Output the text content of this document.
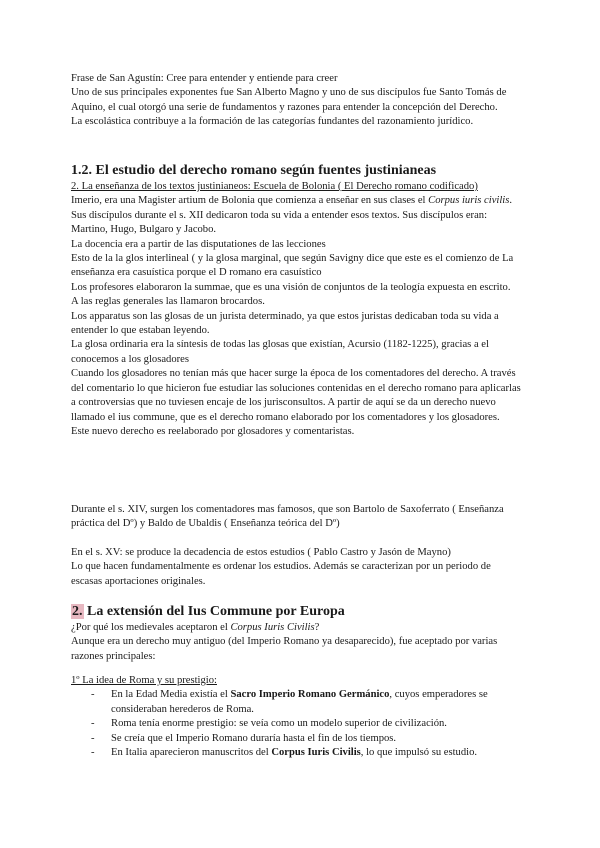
Frase de San Agustín: Cree para entender y entiende para creer

Uno de sus principales exponentes fue San Alberto Magno y uno de sus discípulos fue Santo Tomás de Aquino, el cual otorgó una serie de fundamentos y razones para entender la concepción del Derecho.

La escolástica contribuye a la formación de las categorías fundantes del razonamiento jurídico.

1.2. El estudio del derecho romano según fuentes justinianeas

2. La enseñanza de los textos justinianeos: Escuela de Bolonia ( El Derecho romano codificado)

Imerio, era una Magister artium de Bolonia que comienza a enseñar en sus clases el Corpus iuris civilis.

Sus discípulos durante el s. XII dedicaron toda su vida a entender esos textos. Sus discípulos eran: Martino, Hugo, Bulgaro y Jacobo.

La docencia era a partir de las disputationes de las lecciones

Esto de la la glos interlineal ( y la glosa marginal, que según Savigny dice que este es el comienzo de La enseñanza era casuística porque el D romano era casuístico

Los profesores elaboraron la summae, que es una visión de conjuntos de la teología expuesta en escrito.

A las reglas generales las llamaron brocardos.

Los apparatus son las glosas de un jurista determinado, ya que estos juristas dedicaban toda su vida a entender lo que estaban leyendo.

La glosa ordinaria era la síntesis de todas las glosas que existían, Acursio (1182-1225), gracias a el conocemos a los glosadores

Cuando los glosadores no tenían más que hacer surge la época de los comentadores del derecho. A través del comentario lo que hicieron fue estudiar las soluciones contenidas en el derecho romano para aplicarlas a controversias que no tuviesen encaje de los jurisconsultos. A partir de aquí se da un derecho nuevo llamado el ius commune, que es el derecho romano elaborado por los comentadores y los glosadores.

Este nuevo derecho es reelaborado por glosadores y comentaristas.

Durante el s. XIV, surgen los comentadores mas famosos, que son Bartolo de Saxoferrato ( Enseñanza práctica del Dº) y Baldo de Ubaldis ( Enseñanza teórica del Dº)

En el s. XV: se produce la decadencia de estos estudios ( Pablo Castro y Jasón de Mayno)

Lo que hacen fundamentalmente es ordenar los estudios. Además se caracterizan por un periodo de escasas aportaciones originales.

2. La extensión del Ius Commune por Europa

¿Por qué los medievales aceptaron el Corpus Iuris Civilis?

Aunque era un derecho muy antiguo (del Imperio Romano ya desaparecido), fue aceptado por varias razones principales:

1º La idea de Roma y su prestigio:

- En la Edad Media existía el Sacro Imperio Romano Germánico, cuyos emperadores se consideraban herederos de Roma.
- Roma tenía enorme prestigio: se veía como un modelo superior de civilización.
- Se creía que el Imperio Romano duraría hasta el fin de los tiempos.
- En Italia aparecieron manuscritos del Corpus Iuris Civilis, lo que impulsó su estudio.
